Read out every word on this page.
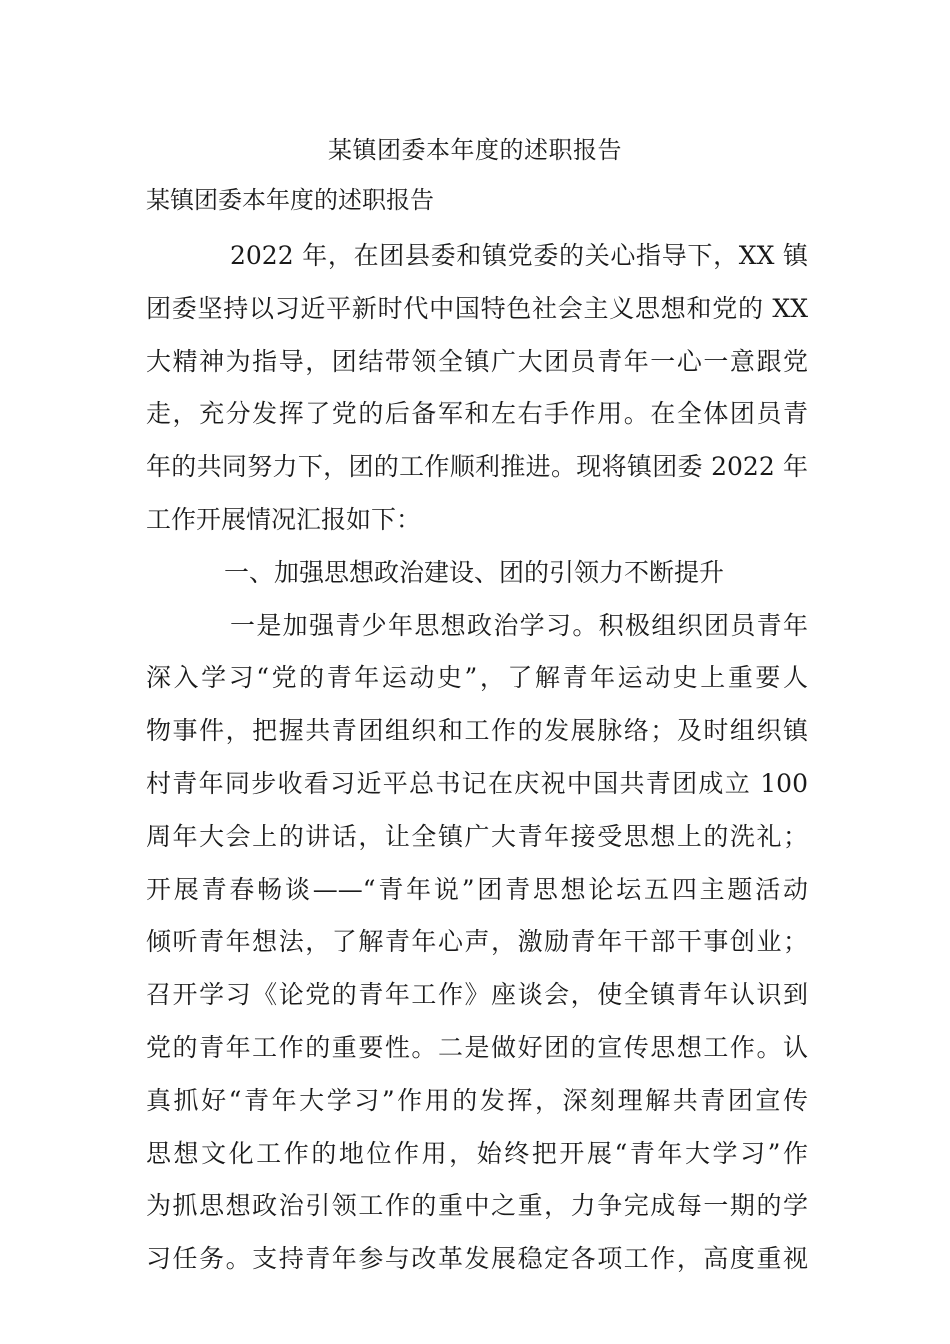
某镇团委本年度的述职报告
某镇团委本年度的述职报告
2022 年，在团县委和镇党委的关心指导下，XX 镇
团委坚持以习近平新时代中国特色社会主义思想和党的 XX
大精神为指导，团结带领全镇广大团员青年一心一意跟党
走，充分发挥了党的后备军和左右手作用。在全体团员青
年的共同努力下，团的工作顺利推进。现将镇团委 2022 年
工作开展情况汇报如下：
一、加强思想政治建设、团的引领力不断提升
一是加强青少年思想政治学习。积极组织团员青年
深入学习“党的青年运动史”，了解青年运动史上重要人
物事件，把握共青团组织和工作的发展脉络；及时组织镇
村青年同步收看习近平总书记在庆祝中国共青团成立 100
周年大会上的讲话，让全镇广大青年接受思想上的洗礼；
开展青春畅谈——“青年说”团青思想论坛五四主题活动
倾听青年想法，了解青年心声，激励青年干部干事创业；
召开学习《论党的青年工作》座谈会，使全镇青年认识到
党的青年工作的重要性。二是做好团的宣传思想工作。认
真抓好“青年大学习”作用的发挥，深刻理解共青团宣传
思想文化工作的地位作用，始终把开展“青年大学习”作
为抓思想政治引领工作的重中之重，力争完成每一期的学
习任务。支持青年参与改革发展稳定各项工作，高度重视
